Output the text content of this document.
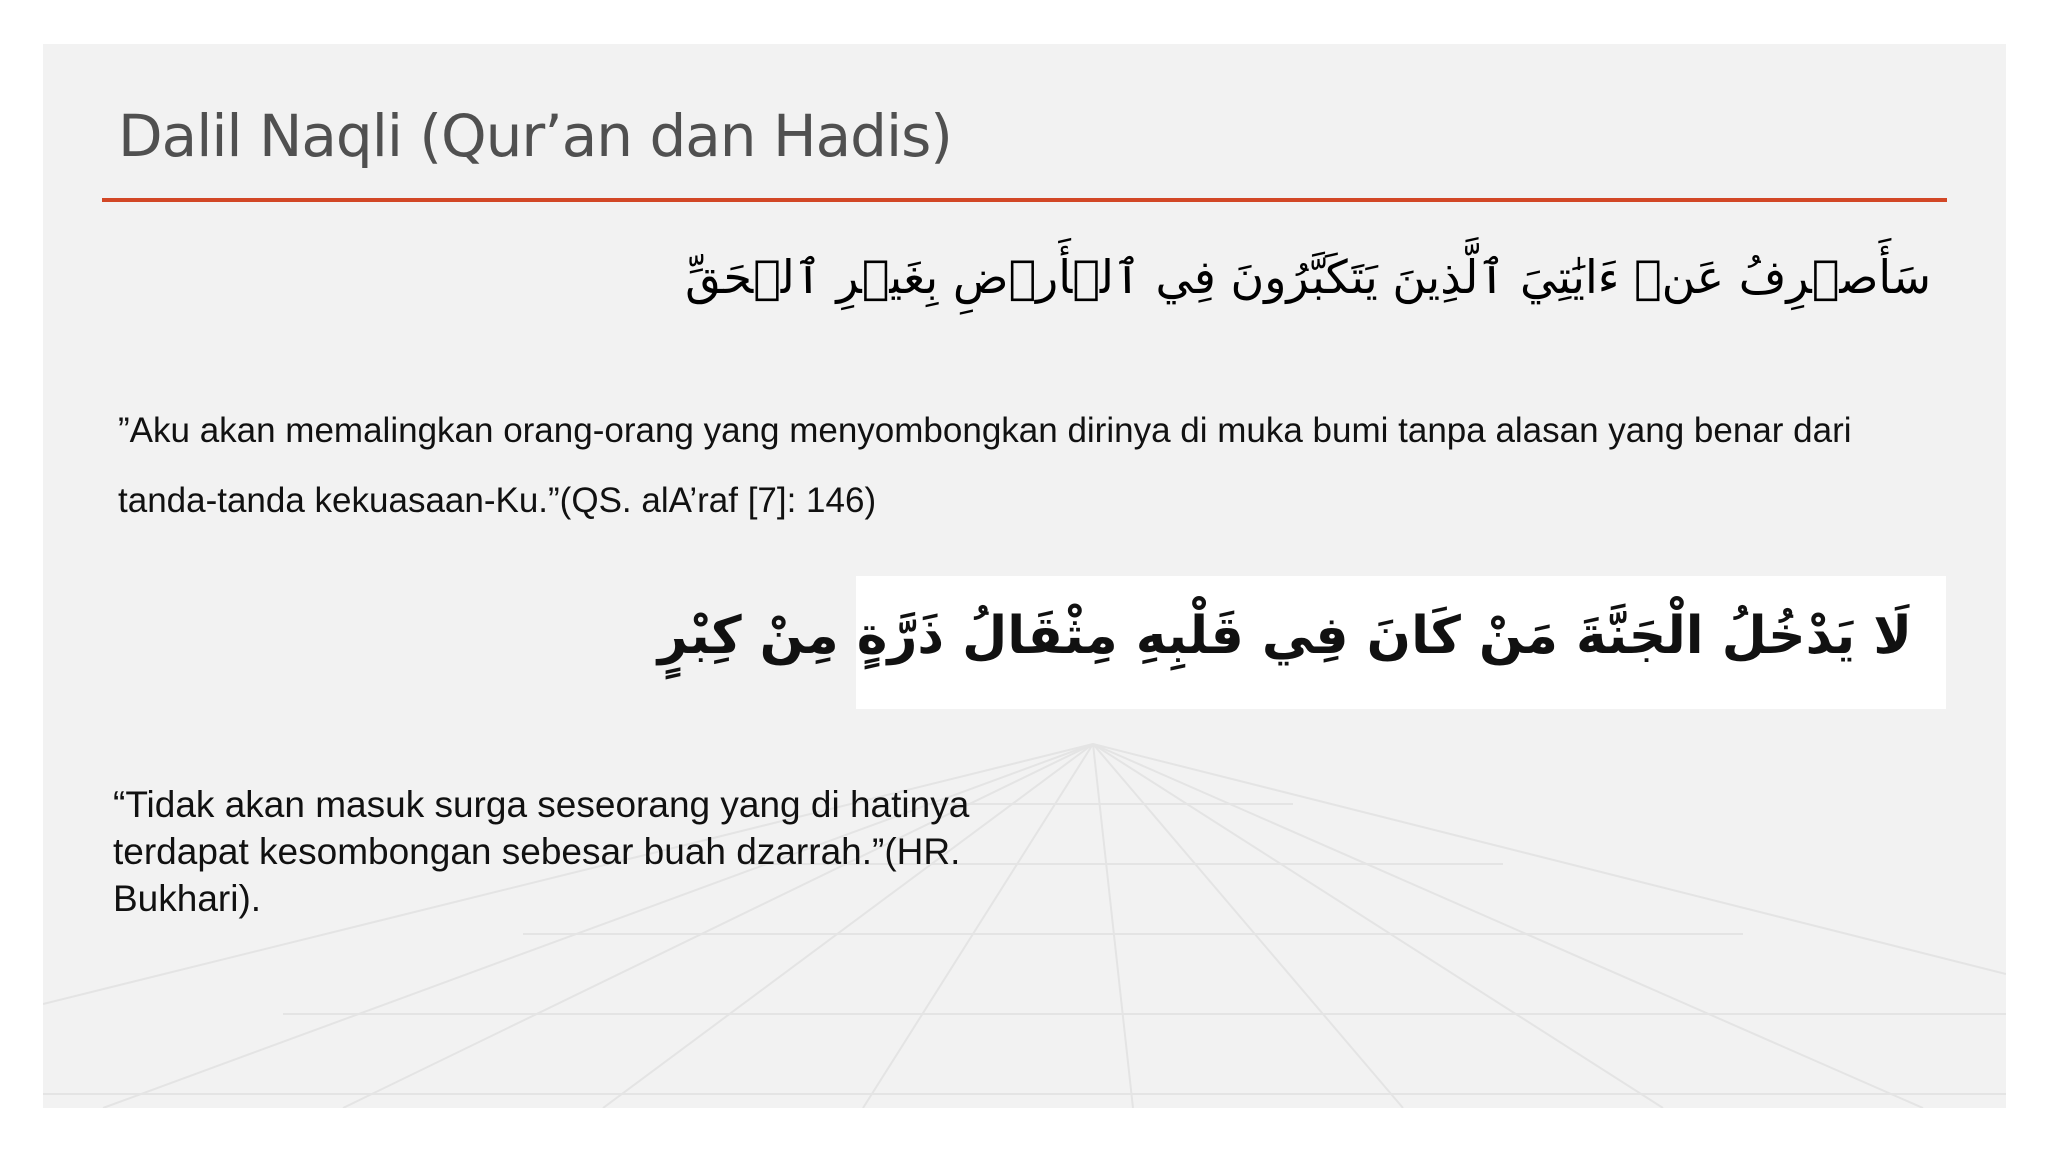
Dalil Naqli (Qur’an dan Hadis)
سَأَصۡرِفُ عَنۡ ءَايَٰتِيَ ٱلَّذِينَ يَتَكَبَّرُونَ فِي ٱلۡأَرۡضِ بِغَيۡرِ ٱلۡحَقِّ
”Aku akan memalingkan orang-orang yang menyombongkan dirinya di muka bumi tanpa alasan yang benar dari tanda-tanda kekuasaan-Ku.”(QS. alA’raf [7]: 146)
لَا يَدْخُلُ الْجَنَّةَ مَنْ كَانَ فِي قَلْبِهِ مِثْقَالُ ذَرَّةٍ مِنْ كِبْرٍ
“Tidak akan masuk surga seseorang yang di hatinya terdapat kesombongan sebesar buah dzarrah.”(HR. Bukhari).
